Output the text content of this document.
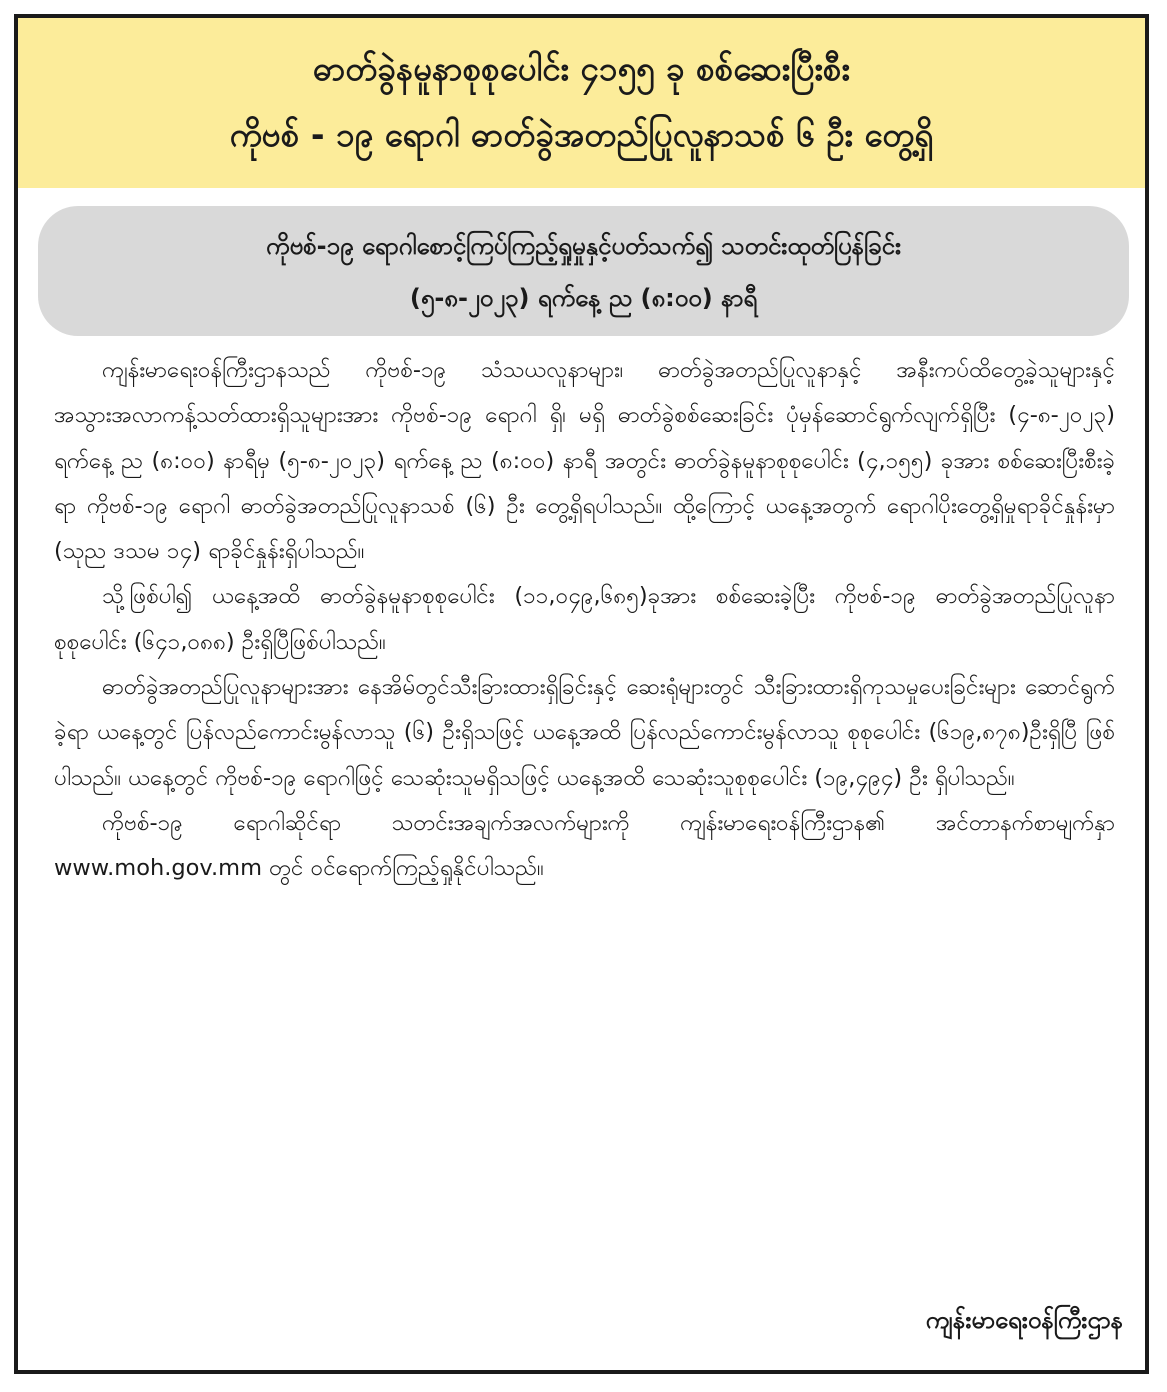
ဓာတ်ခွဲနမူနာစုစုပေါင်း ၄၁၅၅ ခု စစ်ဆေးပြီးစီး
ကိုဗစ် - ၁၉ ရောဂါ ဓာတ်ခွဲအတည်ပြုလူနာသစ် ၆ ဦး တွေ့ရှိ
ကိုဗစ်-၁၉ ရောဂါစောင့်ကြပ်ကြည့်ရှုမှုနှင့်ပတ်သက်၍ သတင်းထုတ်ပြန်ခြင်း
(၅-၈-၂၀၂၃) ရက်နေ့ ည (၈:၀၀) နာရီ

ကျန်းမာရေးဝန်ကြီးဌာနသည် ကိုဗစ်-၁၉ သံသယလူနာများ၊ ဓာတ်ခွဲအတည်ပြုလူနာနှင့် အနီးကပ်ထိတွေ့ခဲ့သူများနှင့် အသွားအလာကန့်သတ်ထားရှိသူများအား ကိုဗစ်-၁၉ ရောဂါ ရှိ၊ မရှိ ဓာတ်ခွဲစစ်ဆေးခြင်း ပုံမှန်ဆောင်ရွက်လျက်ရှိပြီး (၄-၈-၂၀၂၃) ရက်နေ့ ည (၈:၀၀) နာရီမှ (၅-၈-၂၀၂၃) ရက်နေ့ ည (၈:၀၀) နာရီ အတွင်း ဓာတ်ခွဲနမူနာစုစုပေါင်း (၄,၁၅၅) ခုအား စစ်ဆေးပြီးစီးခဲ့ရာ ကိုဗစ်-၁၉ ရောဂါ ဓာတ်ခွဲအတည်ပြုလူနာသစ် (၆) ဦး တွေ့ရှိရပါသည်။ ထို့ကြောင့် ယနေ့အတွက် ရောဂါပိုးတွေ့ရှိမှုရာခိုင်နှုန်းမှာ (သုည ဒသမ ၁၄) ရာခိုင်နှုန်းရှိပါသည်။

သို့ဖြစ်ပါ၍ ယနေ့အထိ ဓာတ်ခွဲနမူနာစုစုပေါင်း (၁၁,၀၄၉,၆၈၅)ခုအား စစ်ဆေးခဲ့ပြီး ကိုဗစ်-၁၉ ဓာတ်ခွဲအတည်ပြုလူနာ စုစုပေါင်း (၆၄၁,၀၈၈) ဦးရှိပြီဖြစ်ပါသည်။

ဓာတ်ခွဲအတည်ပြုလူနာများအား နေအိမ်တွင်သီးခြားထားရှိခြင်းနှင့် ဆေးရုံများတွင် သီးခြားထားရှိကုသမှုပေးခြင်းများ ဆောင်ရွက်ခဲ့ရာ ယနေ့တွင် ပြန်လည်ကောင်းမွန်လာသူ (၆) ဦးရှိသဖြင့် ယနေ့အထိ ပြန်လည်ကောင်းမွန်လာသူ စုစုပေါင်း (၆၁၉,၈၇၈)ဦးရှိပြီ ဖြစ်ပါသည်။ ယနေ့တွင် ကိုဗစ်-၁၉ ရောဂါဖြင့် သေဆုံးသူမရှိသဖြင့် ယနေ့အထိ သေဆုံးသူစုစုပေါင်း (၁၉,၄၉၄) ဦး ရှိပါသည်။

ကိုဗစ်-၁၉ ရောဂါဆိုင်ရာ သတင်းအချက်အလက်များကို ကျန်းမာရေးဝန်ကြီးဌာန၏ အင်တာနက်စာမျက်နှာ www.moh.gov.mm တွင် ဝင်ရောက်ကြည့်ရှုနိုင်ပါသည်။

ကျန်းမာရေးဝန်ကြီးဌာန
